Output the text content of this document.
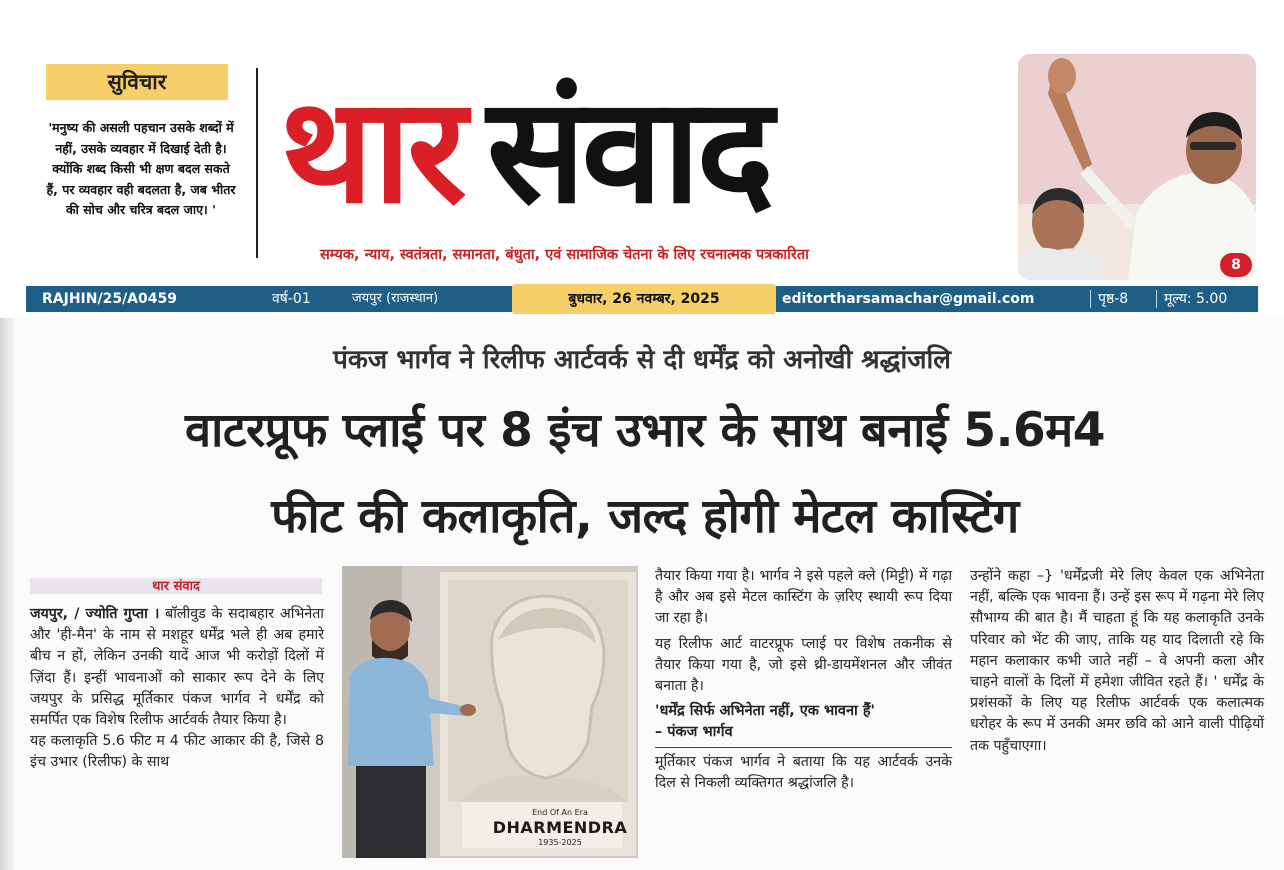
सुविचार
'मनुष्य की असली पहचान उसके शब्दों में नहीं, उसके व्यवहार में दिखाई देती है। क्योंकि शब्द किसी भी क्षण बदल सकते हैं, पर व्यवहार वही बदलता है, जब भीतर की सोच और चरित्र बदल जाए। ' थार संवाद
सम्यक, न्याय, स्वतंत्रता, समानता, बंधुता, एवं सामाजिक चेतना के लिए रचनात्मक पत्रकारिता
8
RAJHIN/25/A0459	वर्ष-01	जयपुर (राजस्थान)	बुधवार, 26 नवम्बर, 2025	editortharsamachar@gmail.com	पृष्ठ-8	मूल्य: 5.00
पंकज भार्गव ने रिलीफ आर्टवर्क से दी धर्मेंद्र को अनोखी श्रद्धांजलि
वाटरप्रूफ प्लाई पर 8 इंच उभार के साथ बनाई 5.6म4
फीट की कलाकृति, जल्द होगी मेटल कास्टिंग
थार संवाद

जयपुर, / ज्योति गुप्ता । बॉलीवुड के सदाबहार अभिनेता और 'ही-मैन' के नाम से मशहूर धर्मेंद्र भले ही अब हमारे बीच न हों, लेकिन उनकी यादें आज भी करोड़ों दिलों में ज़िंदा हैं। इन्हीं भावनाओं को साकार रूप देने के लिए जयपुर के प्रसिद्ध मूर्तिकार पंकज भार्गव ने धर्मेंद्र को समर्पित एक विशेष रिलीफ आर्टवर्क तैयार किया है।

यह कलाकृति 5.6 फीट म 4 फीट आकार की है, जिसे 8 इंच उभार (रिलीफ) के साथ

End Of An Era
DHARMENDRA
1935-2025

तैयार किया गया है। भार्गव ने इसे पहले क्ले (मिट्टी) में गढ़ा है और अब इसे मेटल कास्टिंग के ज़रिए स्थायी रूप दिया जा रहा है।

यह रिलीफ आर्ट वाटरप्रूफ प्लाई पर विशेष तकनीक से तैयार किया गया है, जो इसे थ्री-डायमेंशनल और जीवंत बनाता है।

'धर्मेंद्र सिर्फ अभिनेता नहीं, एक भावना हैं'
– पंकज भार्गव

मूर्तिकार पंकज भार्गव ने बताया कि यह आर्टवर्क उनके दिल से निकली व्यक्तिगत श्रद्धांजलि है।

उन्होंने कहा –} 'धर्मेंद्रजी मेरे लिए केवल एक अभिनेता नहीं, बल्कि एक भावना हैं। उन्हें इस रूप में गढ़ना मेरे लिए सौभाग्य की बात है। मैं चाहता हूं कि यह कलाकृति उनके परिवार को भेंट की जाए, ताकि यह याद दिलाती रहे कि महान कलाकार कभी जाते नहीं – वे अपनी कला और चाहने वालों के दिलों में हमेशा जीवित रहते हैं। ' धर्मेंद्र के प्रशंसकों के लिए यह रिलीफ आर्टवर्क एक कलात्मक धरोहर के रूप में उनकी अमर छवि को आने वाली पीढ़ियों तक पहुँचाएगा।
